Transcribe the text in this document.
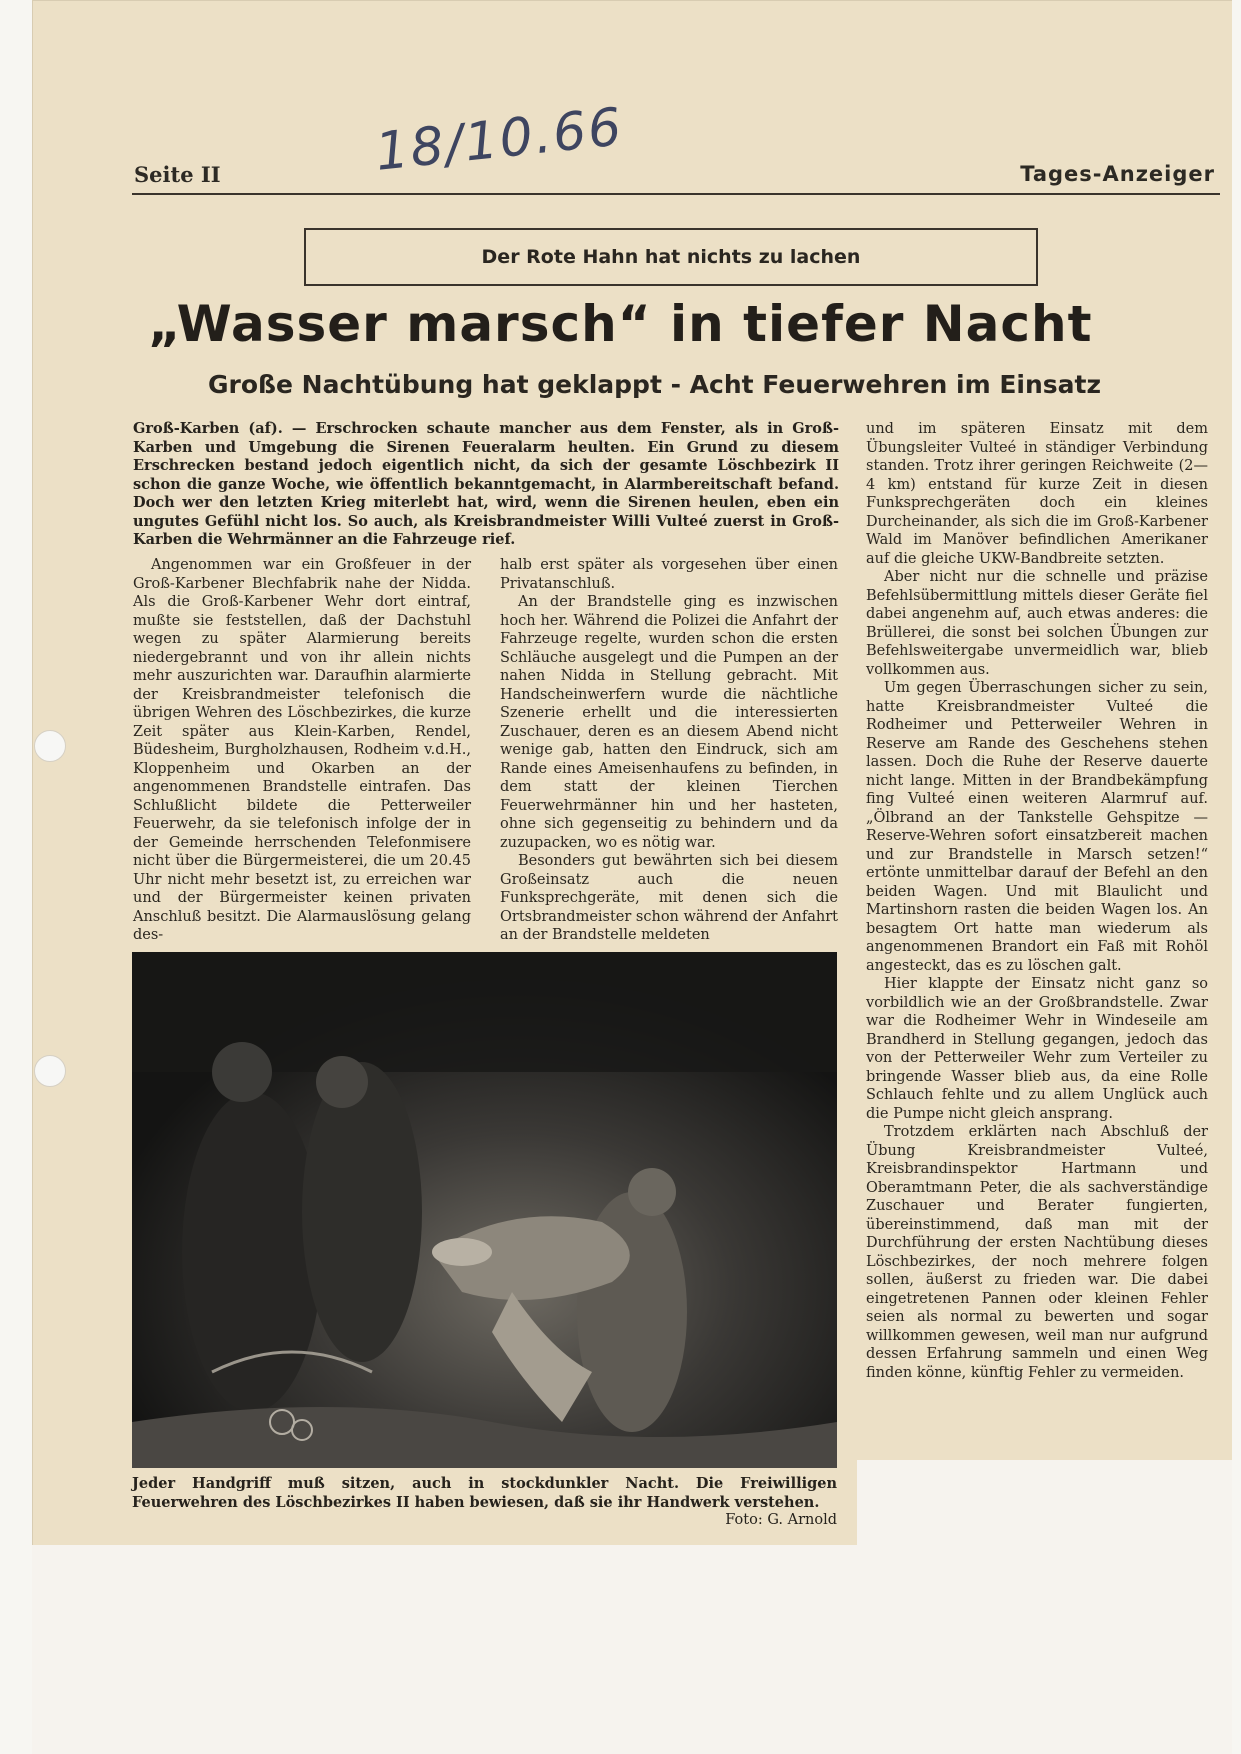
18/10.66
Seite II	Tages-Anzeiger
Der Rote Hahn hat nichts zu lachen
„Wasser marsch“ in tiefer Nacht
Große Nachtübung hat geklappt - Acht Feuerwehren im Einsatz
Groß-Karben (af). — Erschrocken schaute mancher aus dem Fenster, als in Groß-Karben und Umgebung die Sirenen Feueralarm heulten. Ein Grund zu diesem Erschrecken bestand jedoch eigentlich nicht, da sich der gesamte Löschbezirk II schon die ganze Woche, wie öffentlich bekanntgemacht, in Alarmbereitschaft befand. Doch wer den letzten Krieg miterlebt hat, wird, wenn die Sirenen heulen, eben ein ungutes Gefühl nicht los. So auch, als Kreisbrandmeister Willi Vulteé zuerst in Groß-Karben die Wehrmänner an die Fahrzeuge rief.

Angenommen war ein Großfeuer in der Groß-Karbener Blechfabrik nahe der Nidda. Als die Groß-Karbener Wehr dort eintraf, mußte sie feststellen, daß der Dachstuhl wegen zu später Alarmierung bereits niedergebrannt und von ihr allein nichts mehr auszurichten war. Daraufhin alarmierte der Kreisbrandmeister telefonisch die übrigen Wehren des Löschbezirkes, die kurze Zeit später aus Klein-Karben, Rendel, Büdesheim, Burgholzhausen, Rodheim v.d.H., Kloppenheim und Okarben an der angenommenen Brandstelle eintrafen. Das Schlußlicht bildete die Petterweiler Feuerwehr, da sie telefonisch infolge der in der Gemeinde herrschenden Telefonmisere nicht über die Bürgermeisterei, die um 20.45 Uhr nicht mehr besetzt ist, zu erreichen war und der Bürgermeister keinen privaten Anschluß besitzt. Die Alarmauslösung gelang des-

halb erst später als vorgesehen über einen Privatanschluß.

An der Brandstelle ging es inzwischen hoch her. Während die Polizei die Anfahrt der Fahrzeuge regelte, wurden schon die ersten Schläuche ausgelegt und die Pumpen an der nahen Nidda in Stellung gebracht. Mit Handscheinwerfern wurde die nächtliche Szenerie erhellt und die interessierten Zuschauer, deren es an diesem Abend nicht wenige gab, hatten den Eindruck, sich am Rande eines Ameisenhaufens zu befinden, in dem statt der kleinen Tierchen Feuerwehrmänner hin und her hasteten, ohne sich gegenseitig zu behindern und da zuzupacken, wo es nötig war.

Besonders gut bewährten sich bei diesem Großeinsatz auch die neuen Funksprechgeräte, mit denen sich die Ortsbrandmeister schon während der Anfahrt an der Brandstelle meldeten

und im späteren Einsatz mit dem Übungsleiter Vulteé in ständiger Verbindung standen. Trotz ihrer geringen Reichweite (2—4 km) entstand für kurze Zeit in diesen Funksprechgeräten doch ein kleines Durcheinander, als sich die im Groß-Karbener Wald im Manöver befindlichen Amerikaner auf die gleiche UKW-Bandbreite setzten.

Aber nicht nur die schnelle und präzise Befehlsübermittlung mittels dieser Geräte fiel dabei angenehm auf, auch etwas anderes: die Brüllerei, die sonst bei solchen Übungen zur Befehlsweitergabe unvermeidlich war, blieb vollkommen aus.

Um gegen Überraschungen sicher zu sein, hatte Kreisbrandmeister Vulteé die Rodheimer und Petterweiler Wehren in Reserve am Rande des Geschehens stehen lassen. Doch die Ruhe der Reserve dauerte nicht lange. Mitten in der Brandbekämpfung fing Vulteé einen weiteren Alarmruf auf. „Ölbrand an der Tankstelle Gehspitze — Reserve-Wehren sofort einsatzbereit machen und zur Brandstelle in Marsch setzen!“ ertönte unmittelbar darauf der Befehl an den beiden Wagen. Und mit Blaulicht und Martinshorn rasten die beiden Wagen los. An besagtem Ort hatte man wiederum als angenommenen Brandort ein Faß mit Rohöl angesteckt, das es zu löschen galt.

Hier klappte der Einsatz nicht ganz so vorbildlich wie an der Großbrandstelle. Zwar war die Rodheimer Wehr in Windeseile am Brandherd in Stellung gegangen, jedoch das von der Petterweiler Wehr zum Verteiler zu bringende Wasser blieb aus, da eine Rolle Schlauch fehlte und zu allem Unglück auch die Pumpe nicht gleich ansprang.

Trotzdem erklärten nach Abschluß der Übung Kreisbrandmeister Vulteé, Kreisbrandinspektor Hartmann und Oberamtmann Peter, die als sachverständige Zuschauer und Berater fungierten, übereinstimmend, daß man mit der Durchführung der ersten Nachtübung dieses Löschbezirkes, der noch mehrere folgen sollen, äußerst zu frieden war. Die dabei eingetretenen Pannen oder kleinen Fehler seien als normal zu bewerten und sogar willkommen gewesen, weil man nur aufgrund dessen Erfahrung sammeln und einen Weg finden könne, künftig Fehler zu vermeiden.

Jeder Handgriff muß sitzen, auch in stockdunkler Nacht. Die Freiwilligen Feuerwehren des Löschbezirkes II haben bewiesen, daß sie ihr Handwerk verstehen.
Foto: G. Arnold
